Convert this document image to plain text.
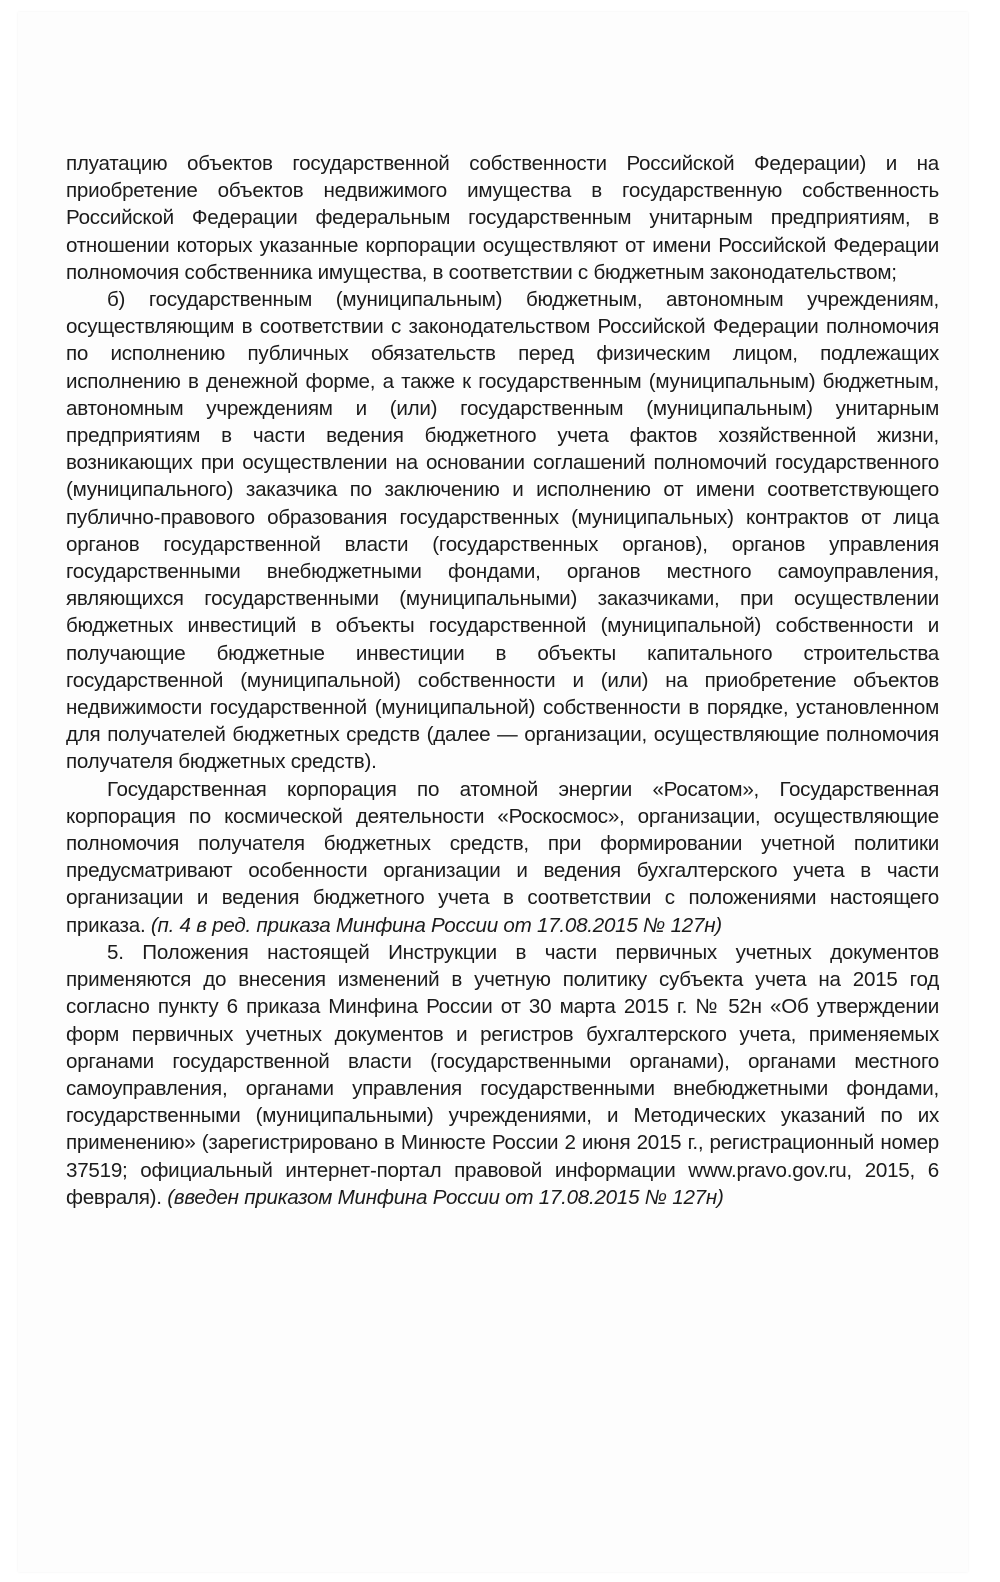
плуатацию объектов государственной собственности Российской Федерации) и на приобретение объектов недвижимого имущества в государственную собственность Российской Федерации федеральным государственным унитарным предприятиям, в отношении которых указанные корпорации осуществляют от имени Российской Федерации полномочия собственника имущества, в соответствии с бюджетным законодательством;

б) государственным (муниципальным) бюджетным, автономным учреждениям, осуществляющим в соответствии с законодательством Российской Федерации полномочия по исполнению публичных обязательств перед физическим лицом, подлежащих исполнению в денежной форме, а также к государственным (муниципальным) бюджетным, автономным учреждениям и (или) государственным (муниципальным) унитарным предприятиям в части ведения бюджетного учета фактов хозяйственной жизни, возникающих при осуществлении на основании соглашений полномочий государственного (муниципального) заказчика по заключению и исполнению от имени соответствующего публично-правового образования государственных (муниципальных) контрактов от лица органов государственной власти (государственных органов), органов управления государственными внебюджетными фондами, органов местного самоуправления, являющихся государственными (муниципальными) заказчиками, при осуществлении бюджетных инвестиций в объекты государственной (муниципальной) собственности и получающие бюджетные инвестиции в объекты капитального строительства государственной (муниципальной) собственности и (или) на приобретение объектов недвижимости государственной (муниципальной) собственности в порядке, установленном для получателей бюджетных средств (далее — организации, осуществляющие полномочия получателя бюджетных средств).

Государственная корпорация по атомной энергии «Росатом», Государственная корпорация по космической деятельности «Роскосмос», организации, осуществляющие полномочия получателя бюджетных средств, при формировании учетной политики предусматривают особенности организации и ведения бухгалтерского учета в части организации и ведения бюджетного учета в соответствии с положениями настоящего приказа. (п. 4 в ред. приказа Минфина России от 17.08.2015 № 127н)

5. Положения настоящей Инструкции в части первичных учетных документов применяются до внесения изменений в учетную политику субъекта учета на 2015 год согласно пункту 6 приказа Минфина России от 30 марта 2015 г. № 52н «Об утверждении форм первичных учетных документов и регистров бухгалтерского учета, применяемых органами государственной власти (государственными органами), органами местного самоуправления, органами управления государственными внебюджетными фондами, государственными (муниципальными) учреждениями, и Методических указаний по их применению» (зарегистрировано в Минюсте России 2 июня 2015 г., регистрационный номер 37519; официальный интернет-портал правовой информации www.pravo.gov.ru, 2015, 6 февраля). (введен приказом Минфина России от 17.08.2015 № 127н)
